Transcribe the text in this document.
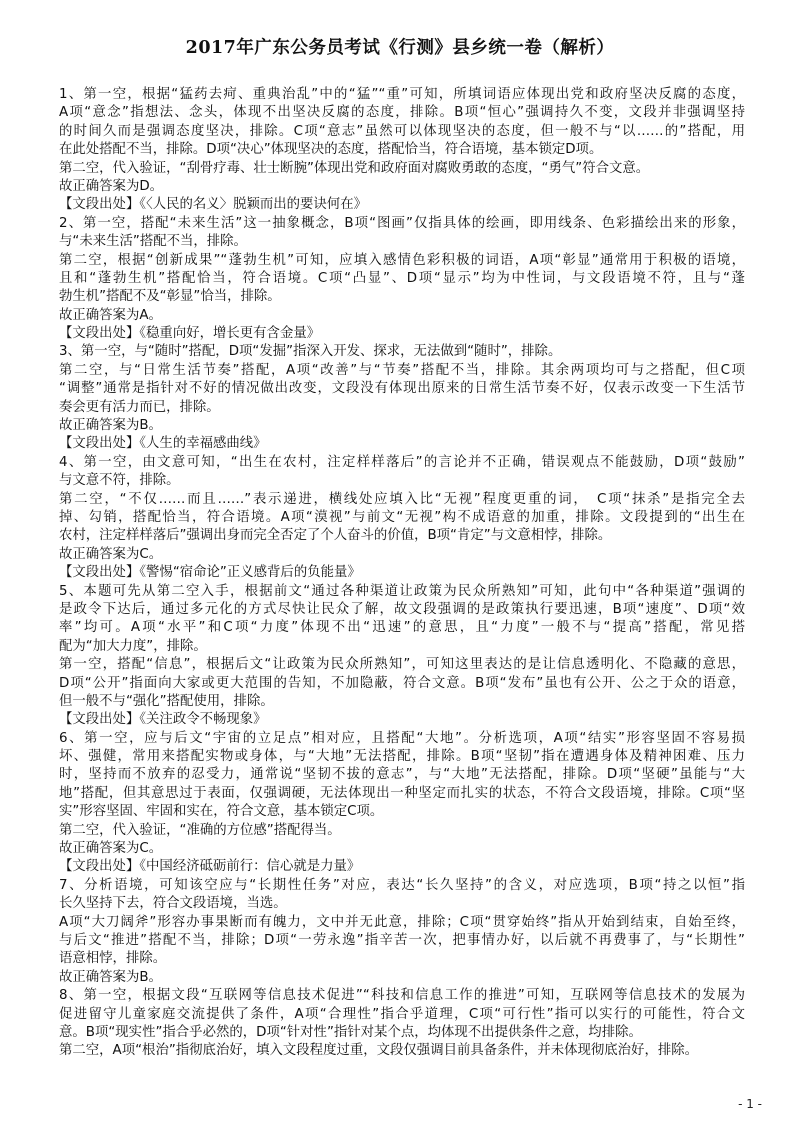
2017年广东公务员考试《行测》县乡统一卷（解析）
1、第一空，根据“猛药去疴、重典治乱”中的“猛”“重”可知，所填词语应体现出党和政府坚决反腐的态度，
A项“意念”指想法、念头，体现不出坚决反腐的态度，排除。B项“恒心”强调持久不变，文段并非强调坚持
的时间久而是强调态度坚决，排除。C项“意志”虽然可以体现坚决的态度，但一般不与“以……的”搭配，用
在此处搭配不当，排除。D项“决心”体现坚决的态度，搭配恰当，符合语境，基本锁定D项。
第二空，代入验证，“刮骨疗毒、壮士断腕”体现出党和政府面对腐败勇敢的态度，“勇气”符合文意。
故正确答案为D。
【文段出处】《〈人民的名义〉脱颖而出的要诀何在》
2、第一空，搭配“未来生活”这一抽象概念，B项“图画”仅指具体的绘画，即用线条、色彩描绘出来的形象，
与“未来生活”搭配不当，排除。
第二空，根据“创新成果”“蓬勃生机”可知，应填入感情色彩积极的词语，A项“彰显”通常用于积极的语境，
且和“蓬勃生机”搭配恰当，符合语境。C项“凸显”、D项“显示”均为中性词，与文段语境不符，且与“蓬
勃生机”搭配不及“彰显”恰当，排除。
故正确答案为A。
【文段出处】《稳重向好，增长更有含金量》
3、第一空，与“随时”搭配，D项“发掘”指深入开发、探求，无法做到“随时”，排除。
第二空，与“日常生活节奏”搭配，A项“改善”与“节奏”搭配不当，排除。其余两项均可与之搭配，但C项
“调整”通常是指针对不好的情况做出改变，文段没有体现出原来的日常生活节奏不好，仅表示改变一下生活节
奏会更有活力而已，排除。
故正确答案为B。
【文段出处】《人生的幸福感曲线》
4、第一空，由文意可知，“出生在农村，注定样样落后”的言论并不正确，错误观点不能鼓励，D项“鼓励”
与文意不符，排除。
第二空，“不仅……而且……”表示递进，横线处应填入比“无视”程度更重的词，　C项“抹杀”是指完全去
掉、勾销，搭配恰当，符合语境。A项“漠视”与前文“无视”构不成语意的加重，排除。文段提到的“出生在
农村，注定样样落后”强调出身而完全否定了个人奋斗的价值，B项“肯定”与文意相悖，排除。
故正确答案为C。
【文段出处】《警惕“宿命论”正义感背后的负能量》
5、本题可先从第二空入手，根据前文“通过各种渠道让政策为民众所熟知”可知，此句中“各种渠道”强调的
是政令下达后，通过多元化的方式尽快让民众了解，故文段强调的是政策执行要迅速，B项“速度”、D项“效
率”均可。A项“水平”和C项“力度”体现不出“迅速”的意思，且“力度”一般不与“提高”搭配，常见搭
配为“加大力度”，排除。
第一空，搭配“信息”，根据后文“让政策为民众所熟知”，可知这里表达的是让信息透明化、不隐藏的意思，
D项“公开”指面向大家或更大范围的告知，不加隐蔽，符合文意。B项“发布”虽也有公开、公之于众的语意，
但一般不与“强化”搭配使用，排除。
【文段出处】《关注政令不畅现象》
6、第一空，应与后文“宇宙的立足点”相对应，且搭配“大地”。分析选项，A项“结实”形容坚固不容易损
坏、强健，常用来搭配实物或身体，与“大地”无法搭配，排除。B项“坚韧”指在遭遇身体及精神困难、压力
时，坚持而不放弃的忍受力，通常说“坚韧不拔的意志”，与“大地”无法搭配，排除。D项“坚硬”虽能与“大
地”搭配，但其意思过于表面，仅强调硬，无法体现出一种坚定而扎实的状态，不符合文段语境，排除。C项“坚
实”形容坚固、牢固和实在，符合文意，基本锁定C项。
第二空，代入验证，“准确的方位感”搭配得当。
故正确答案为C。
【文段出处】《中国经济砥砺前行：信心就是力量》
7、分析语境，可知该空应与“长期性任务”对应，表达“长久坚持”的含义，对应选项，B项“持之以恒”指
长久坚持下去，符合文段语境，当选。
A项“大刀阔斧”形容办事果断而有魄力，文中并无此意，排除；C项“贯穿始终”指从开始到结束，自始至终，
与后文“推进”搭配不当，排除；D项“一劳永逸”指辛苦一次，把事情办好，以后就不再费事了，与“长期性”
语意相悖，排除。
故正确答案为B。
8、第一空，根据文段“互联网等信息技术促进”“科技和信息工作的推进”可知，互联网等信息技术的发展为
促进留守儿童家庭交流提供了条件，A项“合理性”指合乎道理，C项“可行性”指可以实行的可能性，符合文
意。B项“现实性”指合乎必然的，D项“针对性”指针对某个点，均体现不出提供条件之意，均排除。
第二空，A项“根治”指彻底治好，填入文段程度过重，文段仅强调目前具备条件，并未体现彻底治好，排除。
- 1 -
